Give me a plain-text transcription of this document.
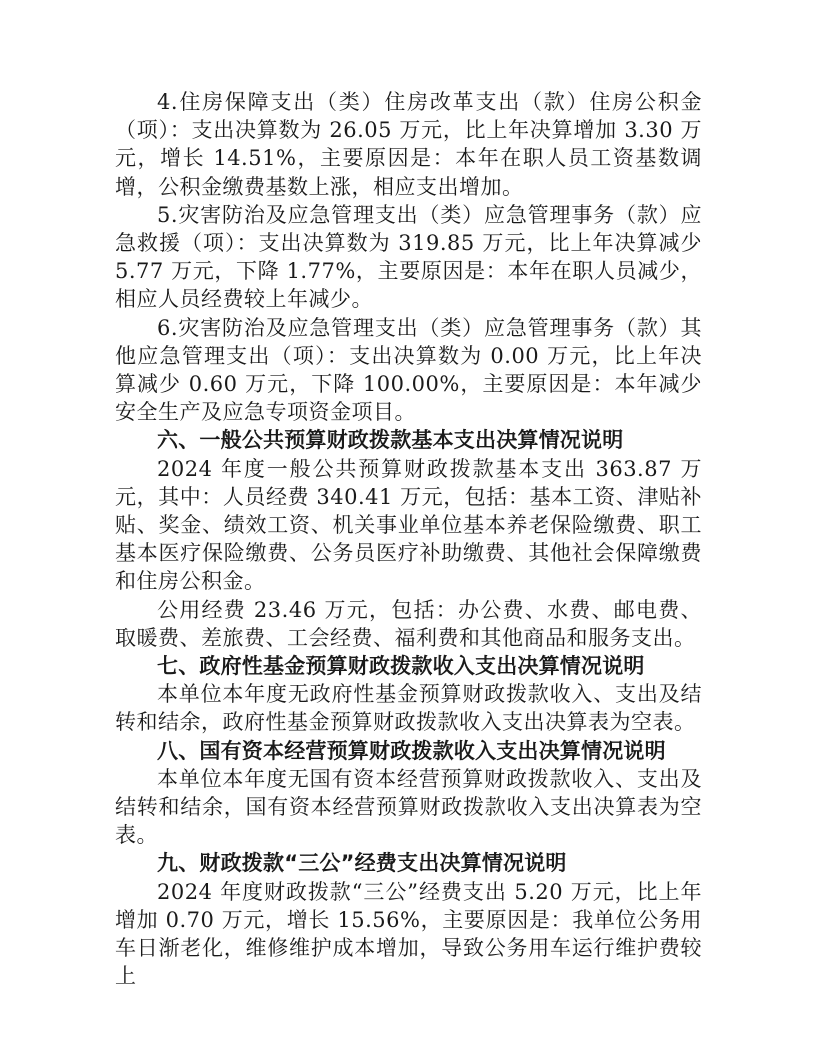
4.住房保障支出（类）住房改革支出（款）住房公积金（项）：支出决算数为 26.05 万元，比上年决算增加 3.30 万元，增长 14.51%，主要原因是：本年在职人员工资基数调增，公积金缴费基数上涨，相应支出增加。

5.灾害防治及应急管理支出（类）应急管理事务（款）应急救援（项）：支出决算数为 319.85 万元，比上年决算减少 5.77 万元，下降 1.77%，主要原因是：本年在职人员减少，相应人员经费较上年减少。

6.灾害防治及应急管理支出（类）应急管理事务（款）其他应急管理支出（项）：支出决算数为 0.00 万元，比上年决算减少 0.60 万元，下降 100.00%，主要原因是：本年减少安全生产及应急专项资金项目。

六、一般公共预算财政拨款基本支出决算情况说明

2024 年度一般公共预算财政拨款基本支出 363.87 万元，其中：人员经费 340.41 万元，包括：基本工资、津贴补贴、奖金、绩效工资、机关事业单位基本养老保险缴费、职工基本医疗保险缴费、公务员医疗补助缴费、其他社会保障缴费和住房公积金。

公用经费 23.46 万元，包括：办公费、水费、邮电费、取暖费、差旅费、工会经费、福利费和其他商品和服务支出。

七、政府性基金预算财政拨款收入支出决算情况说明

本单位本年度无政府性基金预算财政拨款收入、支出及结转和结余，政府性基金预算财政拨款收入支出决算表为空表。

八、国有资本经营预算财政拨款收入支出决算情况说明

本单位本年度无国有资本经营预算财政拨款收入、支出及结转和结余，国有资本经营预算财政拨款收入支出决算表为空表。

九、财政拨款“三公”经费支出决算情况说明

2024 年度财政拨款“三公”经费支出 5.20 万元，比上年增加 0.70 万元，增长 15.56%，主要原因是：我单位公务用车日渐老化，维修维护成本增加，导致公务用车运行维护费较上
